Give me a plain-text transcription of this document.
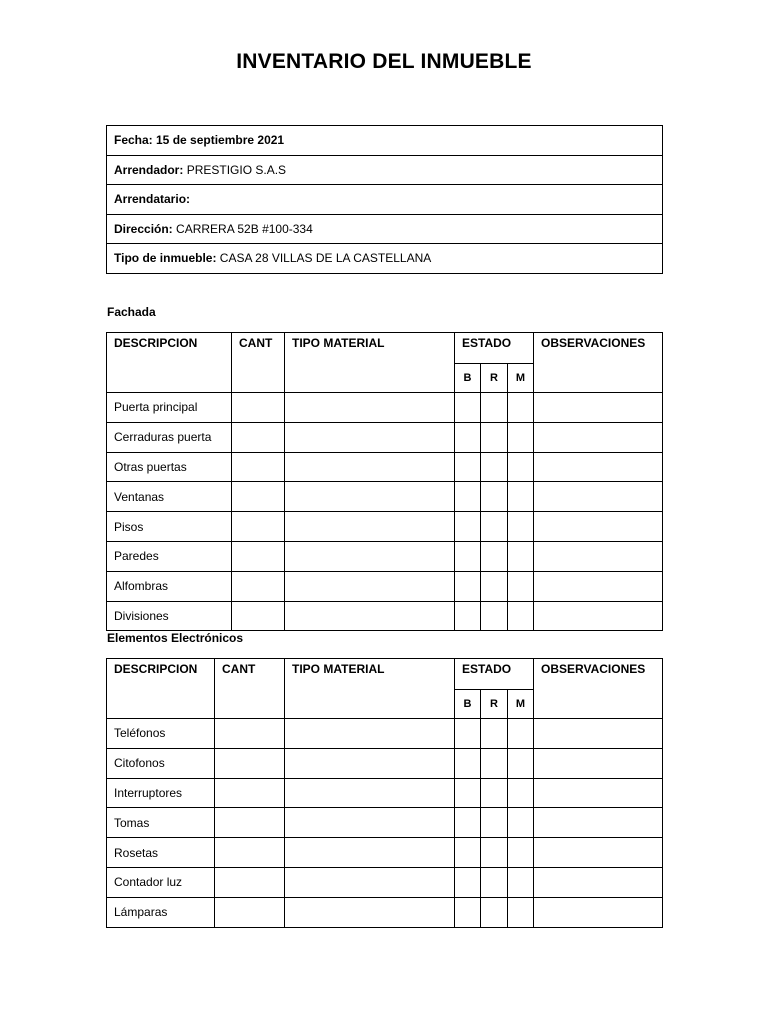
INVENTARIO DEL INMUEBLE
Fecha: 15 de septiembre 2021
Arrendador: PRESTIGIO S.A.S
Arrendatario:
Dirección: CARRERA 52B #100-334
Tipo de inmueble: CASA 28 VILLAS DE LA CASTELLANA
Fachada
DESCRIPCION	CANT	TIPO MATERIAL	ESTADO			OBSERVACIONES
			B	R	M	
Puerta principal						
Cerraduras puerta						
Otras puertas						
Ventanas						
Pisos						
Paredes						
Alfombras						
Divisiones						
Elementos Electrónicos
DESCRIPCION	CANT	TIPO MATERIAL	ESTADO			OBSERVACIONES
			B	R	M	
Teléfonos						
Citofonos						
Interruptores						
Tomas						
Rosetas						
Contador luz						
Lámparas						
